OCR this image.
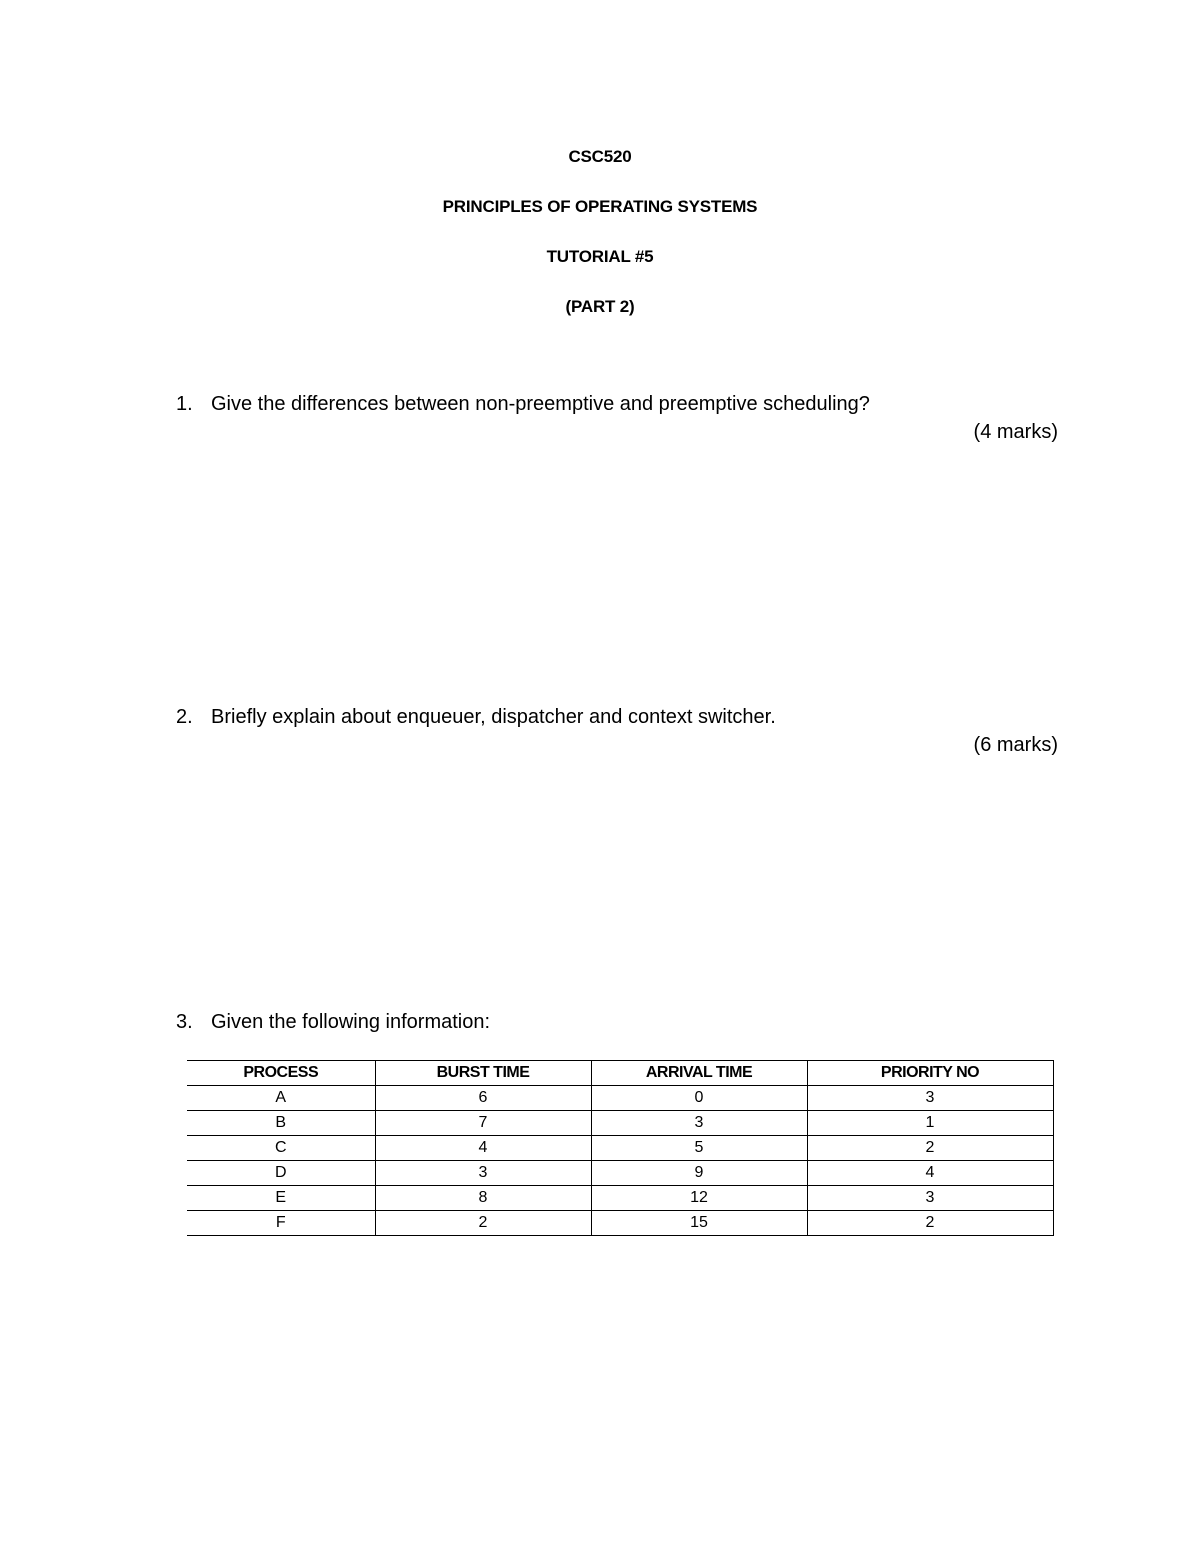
CSC520
PRINCIPLES OF OPERATING SYSTEMS
TUTORIAL #5
(PART 2)
1. Give the differences between non-preemptive and preemptive scheduling?
(4 marks)
2. Briefly explain about enqueuer, dispatcher and context switcher.
(6 marks)
3. Given the following information:
PROCESS	BURST TIME	ARRIVAL TIME	PRIORITY NO
A	6	0	3
B	7	3	1
C	4	5	2
D	3	9	4
E	8	12	3
F	2	15	2
